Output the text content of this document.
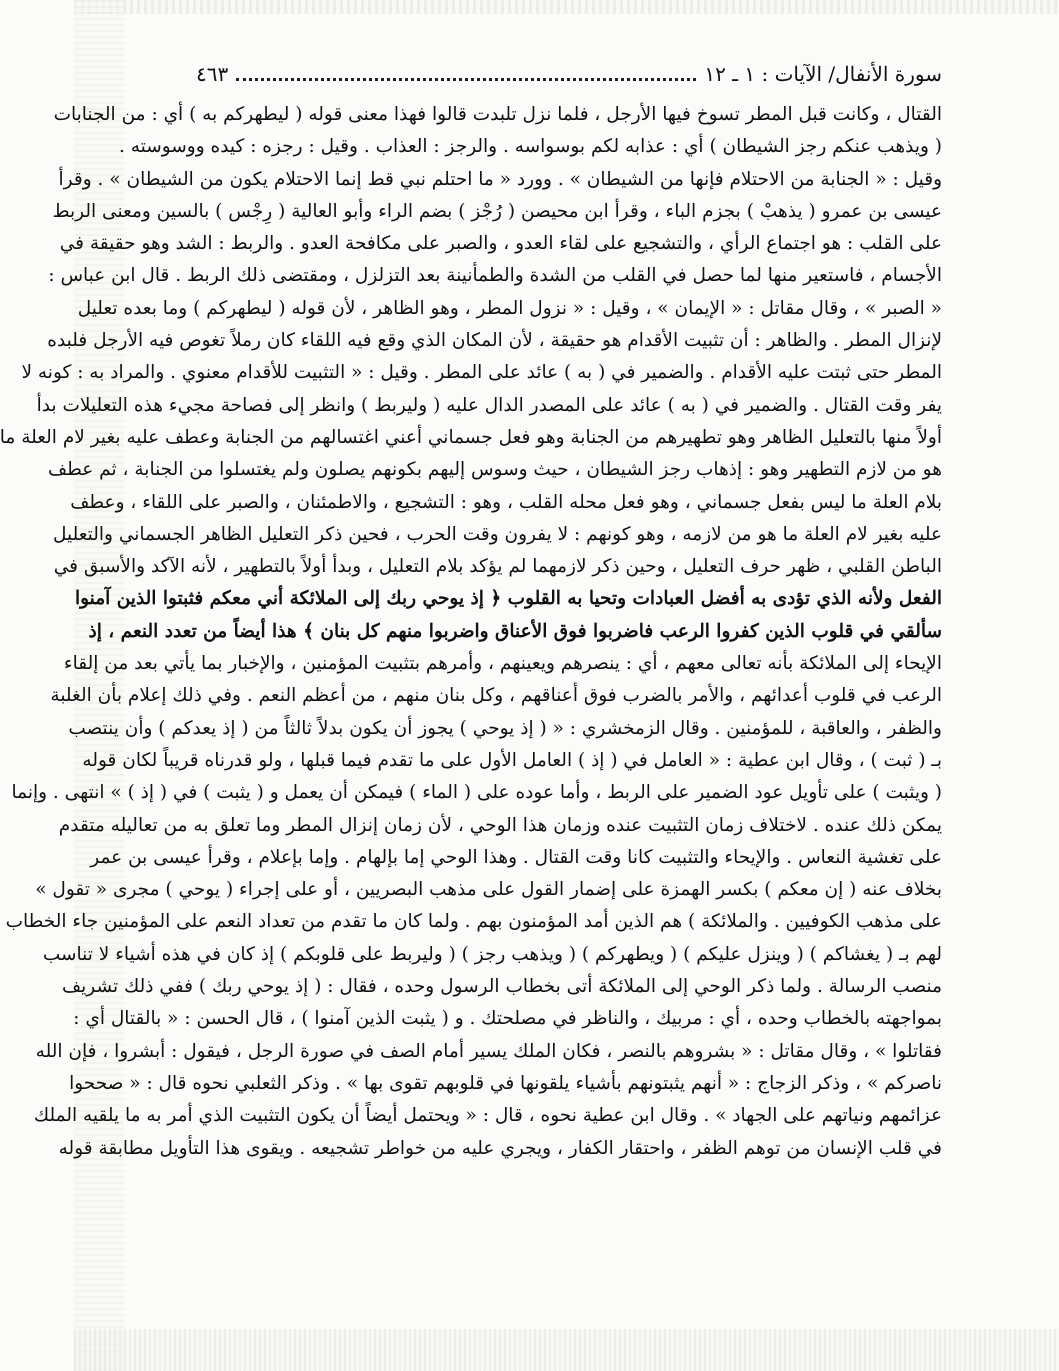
سورة الأنفال/ الآيات : ١ ـ ١٢
٤٦٣
القتال ، وكانت قبل المطر تسوخ فيها الأرجل ، فلما نزل تلبدت قالوا فهذا معنى قوله ( ليطهركم به ) أي : من الجنابات
( ويذهب عنكم رجز الشيطان ) أي : عذابه لكم بوسواسه . والرجز : العذاب . وقيل : رجزه : كيده ووسوسته .
وقيل : « الجنابة من الاحتلام فإنها من الشيطان » . وورد « ما احتلم نبي قط إنما الاحتلام يكون من الشيطان » . وقرأ
عيسى بن عمرو ( يذهبْ ) بجزم الباء ، وقرأ ابن محيصن ( رُجْز ) بضم الراء وأبو العالية ( رِجْس ) بالسين ومعنى الربط
على القلب : هو اجتماع الرأي ، والتشجيع على لقاء العدو ، والصبر على مكافحة العدو . والربط : الشد وهو حقيقة في
الأجسام ، فاستعير منها لما حصل في القلب من الشدة والطمأنينة بعد التزلزل ، ومقتضى ذلك الربط . قال ابن عباس :
« الصبر » ، وقال مقاتل : « الإيمان » ، وقيل : « نزول المطر ، وهو الظاهر ، لأن قوله ( ليطهركم ) وما بعده تعليل
لإنزال المطر . والظاهر : أن تثبيت الأقدام هو حقيقة ، لأن المكان الذي وقع فيه اللقاء كان رملاً تغوص فيه الأرجل فلبده
المطر حتى ثبتت عليه الأقدام . والضمير في ( به ) عائد على المطر . وقيل : « التثبيت للأقدام معنوي . والمراد به : كونه لا
يفر وقت القتال . والضمير في ( به ) عائد على المصدر الدال عليه ( وليربط ) وانظر إلى فصاحة مجيء هذه التعليلات بدأ
أولاً منها بالتعليل الظاهر وهو تطهيرهم من الجنابة وهو فعل جسماني أعني اغتسالهم من الجنابة وعطف عليه بغير لام العلة ما
هو من لازم التطهير وهو : إذهاب رجز الشيطان ، حيث وسوس إليهم بكونهم يصلون ولم يغتسلوا من الجنابة ، ثم عطف
بلام العلة ما ليس بفعل جسماني ، وهو فعل محله القلب ، وهو : التشجيع ، والاطمئنان ، والصبر على اللقاء ، وعطف
عليه بغير لام العلة ما هو من لازمه ، وهو كونهم : لا يفرون وقت الحرب ، فحين ذكر التعليل الظاهر الجسماني والتعليل
الباطن القلبي ، ظهر حرف التعليل ، وحين ذكر لازمهما لم يؤكد بلام التعليل ، وبدأ أولاً بالتطهير ، لأنه الآكد والأسبق في
الفعل ولأنه الذي تؤدى به أفضل العبادات وتحيا به القلوب ﴿ إذ يوحي ربك إلى الملائكة أني معكم فثبتوا الذين آمنوا
سألقي في قلوب الذين كفروا الرعب فاضربوا فوق الأعناق واضربوا منهم كل بنان ﴾ هذا أيضاً من تعدد النعم ، إذ
الإيحاء إلى الملائكة بأنه تعالى معهم ، أي : ينصرهم ويعينهم ، وأمرهم بتثبيت المؤمنين ، والإخبار بما يأتي بعد من إلقاء
الرعب في قلوب أعدائهم ، والأمر بالضرب فوق أعناقهم ، وكل بنان منهم ، من أعظم النعم . وفي ذلك إعلام بأن الغلبة
والظفر ، والعاقبة ، للمؤمنين . وقال الزمخشري : « ( إذ يوحي ) يجوز أن يكون بدلاً ثالثاً من ( إذ يعدكم ) وأن ينتصب
بـ ( ثبت ) ، وقال ابن عطية : « العامل في ( إذ ) العامل الأول على ما تقدم فيما قبلها ، ولو قدرناه قريباً لكان قوله
( ويثبت ) على تأويل عود الضمير على الربط ، وأما عوده على ( الماء ) فيمكن أن يعمل و ( يثبت ) في ( إذ ) » انتهى . وإنما
يمكن ذلك عنده . لاختلاف زمان التثبيت عنده وزمان هذا الوحي ، لأن زمان إنزال المطر وما تعلق به من تعاليله متقدم
على تغشية النعاس . والإيحاء والتثبيت كانا وقت القتال . وهذا الوحي إما بإلهام . وإما بإعلام ، وقرأ عيسى بن عمر
بخلاف عنه ( إن معكم ) بكسر الهمزة على إضمار القول على مذهب البصريين ، أو على إجراء ( يوحي ) مجرى « تقول »
على مذهب الكوفيين . والملائكة ) هم الذين أمد المؤمنون بهم . ولما كان ما تقدم من تعداد النعم على المؤمنين جاء الخطاب
لهم بـ ( يغشاكم ) ( وينزل عليكم ) ( ويطهركم ) ( ويذهب رجز ) ( وليربط على قلوبكم ) إذ كان في هذه أشياء لا تناسب
منصب الرسالة . ولما ذكر الوحي إلى الملائكة أتى بخطاب الرسول وحده ، فقال : ( إذ يوحي ربك ) ففي ذلك تشريف
بمواجهته بالخطاب وحده ، أي : مربيك ، والناظر في مصلحتك . و ( يثبت الذين آمنوا ) ، قال الحسن : « بالقتال أي :
فقاتلوا » ، وقال مقاتل : « بشروهم بالنصر ، فكان الملك يسير أمام الصف في صورة الرجل ، فيقول : أبشروا ، فإن الله
ناصركم » ، وذكر الزجاج : « أنهم يثبتونهم بأشياء يلقونها في قلوبهم تقوى بها » . وذكر الثعلبي نحوه قال : « صححوا
عزائمهم ونياتهم على الجهاد » . وقال ابن عطية نحوه ، قال : « ويحتمل أيضاً أن يكون التثبيت الذي أمر به ما يلقيه الملك
في قلب الإنسان من توهم الظفر ، واحتقار الكفار ، ويجري عليه من خواطر تشجيعه . ويقوى هذا التأويل مطابقة قوله
